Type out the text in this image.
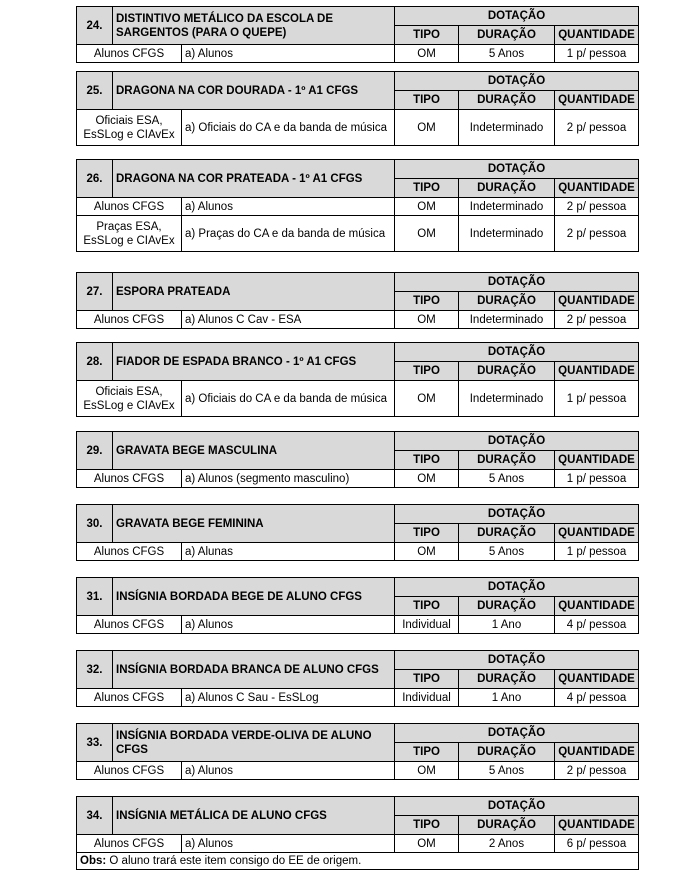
24.	DISTINTIVO METÁLICO DA ESCOLA DE SARGENTOS (PARA O QUEPE)		DOTAÇÃO		
			TIPO	DURAÇÃO	QUANTIDADE
Alunos CFGS		a) Alunos	OM	5 Anos	1 p/ pessoa
25.	DRAGONA NA COR DOURADA - 1º A1 CFGS		DOTAÇÃO		
			TIPO	DURAÇÃO	QUANTIDADE
Oficiais ESA, EsSLog e CIAvEx		a) Oficiais do CA e da banda de música	OM	Indeterminado	2 p/ pessoa
26.	DRAGONA NA COR PRATEADA - 1º A1 CFGS		DOTAÇÃO		
			TIPO	DURAÇÃO	QUANTIDADE
Alunos CFGS		a) Alunos	OM	Indeterminado	2 p/ pessoa
Praças ESA, EsSLog e CIAvEx		a) Praças do CA e da banda de música	OM	Indeterminado	2 p/ pessoa
27.	ESPORA PRATEADA		DOTAÇÃO		
			TIPO	DURAÇÃO	QUANTIDADE
Alunos CFGS		a) Alunos C Cav - ESA	OM	Indeterminado	2 p/ pessoa
28.	FIADOR DE ESPADA BRANCO - 1º A1 CFGS		DOTAÇÃO		
			TIPO	DURAÇÃO	QUANTIDADE
Oficiais ESA, EsSLog e CIAvEx		a) Oficiais do CA e da banda de música	OM	Indeterminado	1 p/ pessoa
29.	GRAVATA BEGE MASCULINA		DOTAÇÃO		
			TIPO	DURAÇÃO	QUANTIDADE
Alunos CFGS		a) Alunos (segmento masculino)	OM	5 Anos	1 p/ pessoa
30.	GRAVATA BEGE FEMININA		DOTAÇÃO		
			TIPO	DURAÇÃO	QUANTIDADE
Alunos CFGS		a) Alunas	OM	5 Anos	1 p/ pessoa
31.	INSÍGNIA BORDADA BEGE DE ALUNO CFGS		DOTAÇÃO		
			TIPO	DURAÇÃO	QUANTIDADE
Alunos CFGS		a) Alunos	Individual	1 Ano	4 p/ pessoa
32.	INSÍGNIA BORDADA BRANCA DE ALUNO CFGS		DOTAÇÃO		
			TIPO	DURAÇÃO	QUANTIDADE
Alunos CFGS		a) Alunos C Sau - EsSLog	Individual	1 Ano	4 p/ pessoa
33.	INSÍGNIA BORDADA VERDE-OLIVA DE ALUNO CFGS		DOTAÇÃO		
			TIPO	DURAÇÃO	QUANTIDADE
Alunos CFGS		a) Alunos	OM	5 Anos	2 p/ pessoa
34.	INSÍGNIA METÁLICA DE ALUNO CFGS		DOTAÇÃO		
			TIPO	DURAÇÃO	QUANTIDADE
Alunos CFGS		a) Alunos	OM	2 Anos	6 p/ pessoa
Obs: O aluno trará este item consigo do EE de origem.					
